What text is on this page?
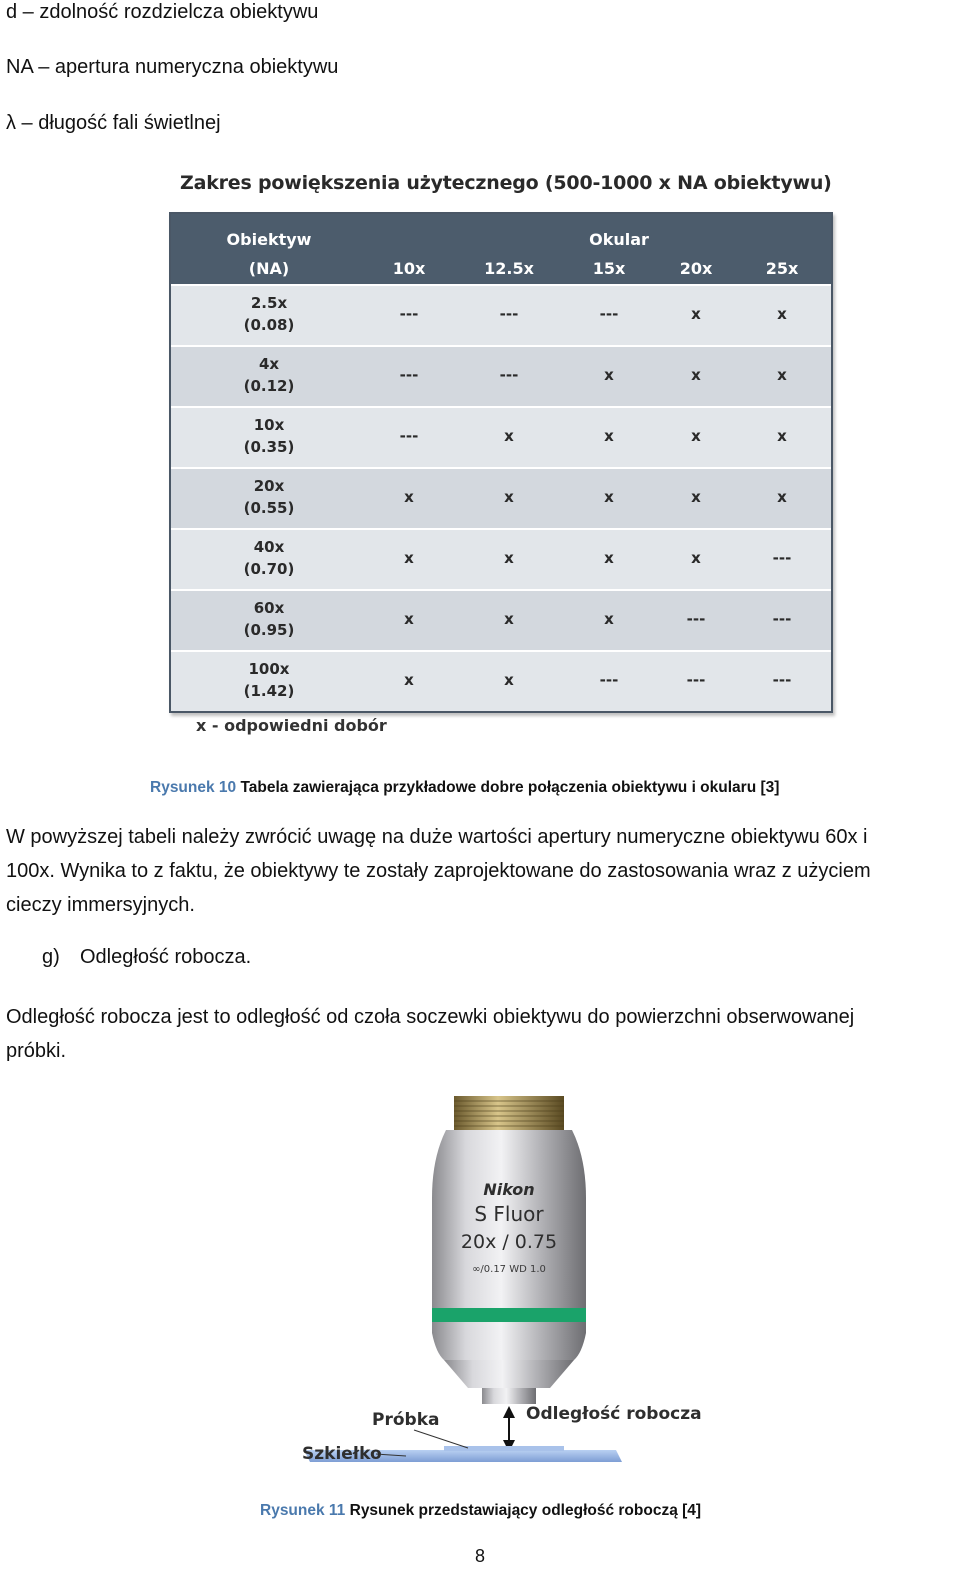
d – zdolność rozdzielcza obiektywu
NA – apertura numeryczna obiektywu
λ – długość fali świetlnej
Zakres powiększenia użytecznego (500-1000 x NA obiektywu)
Obiektyw
(NA)
Okular
10x	12.5x	15x	20x	25x
2.5x
(0.08)
---	---	---	x	x
4x
(0.12)
---	---	x	x	x
10x
(0.35)
---	x	x	x	x
20x
(0.55)
x	x	x	x	x
40x
(0.70)
x	x	x	x	---
60x
(0.95)
x	x	x	---	---
100x
(1.42)
x	x	---	---	---
x - odpowiedni dobór
Rysunek 10 Tabela zawierająca przykładowe dobre połączenia obiektywu i okularu [3]
W powyższej tabeli należy zwrócić uwagę na duże wartości apertury numeryczne obiektywu 60x i
100x. Wynika to z faktu, że obiektywy te zostały zaprojektowane do zastosowania wraz z użyciem
cieczy immersyjnych.
g) Odległość robocza.
Odległość robocza jest to odległość od czoła soczewki obiektywu do powierzchni obserwowanej
próbki.
Nikon
S Fluor
20x / 0.75
∞/0.17 WD 1.0
Próbka	Odległość robocza
Szkiełko
Rysunek 11 Rysunek przedstawiający odległość roboczą [4]
8
